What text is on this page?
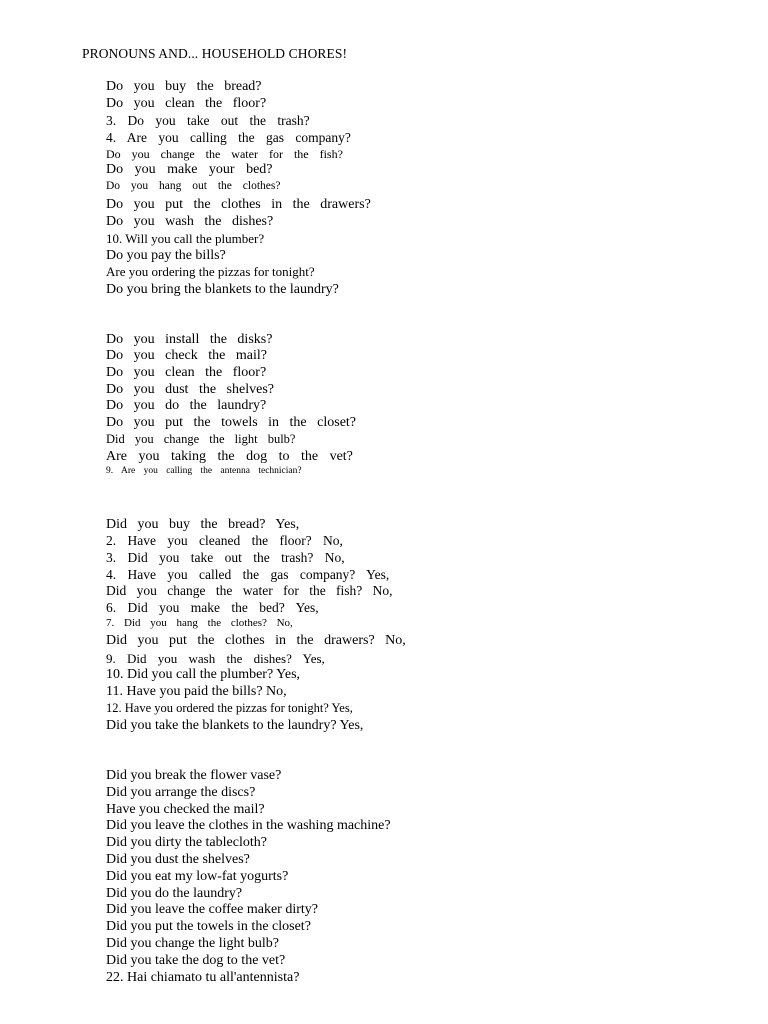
PRONOUNS AND... HOUSEHOLD CHORES!
Do you buy the bread?
Do you clean the floor?
3. Do you take out the trash?
4. Are you calling the gas company?
Do you change the water for the fish?
Do you make your bed?
Do you hang out the clothes?
Do you put the clothes in the drawers?
Do you wash the dishes?
10. Will you call the plumber?
Do you pay the bills?
Are you ordering the pizzas for tonight?
Do you bring the blankets to the laundry?
Do you install the disks?
Do you check the mail?
Do you clean the floor?
Do you dust the shelves?
Do you do the laundry?
Do you put the towels in the closet?
Did you change the light bulb?
Are you taking the dog to the vet?
9. Are you calling the antenna technician?
Did you buy the bread? Yes,
2. Have you cleaned the floor? No,
3. Did you take out the trash? No,
4. Have you called the gas company? Yes,
Did you change the water for the fish? No,
6. Did you make the bed? Yes,
7. Did you hang the clothes? No,
Did you put the clothes in the drawers? No,
9. Did you wash the dishes? Yes,
10. Did you call the plumber? Yes,
11. Have you paid the bills? No,
12. Have you ordered the pizzas for tonight? Yes,
Did you take the blankets to the laundry? Yes,
Did you break the flower vase?
Did you arrange the discs?
Have you checked the mail?
Did you leave the clothes in the washing machine?
Did you dirty the tablecloth?
Did you dust the shelves?
Did you eat my low-fat yogurts?
Did you do the laundry?
Did you leave the coffee maker dirty?
Did you put the towels in the closet?
Did you change the light bulb?
Did you take the dog to the vet?
22. Hai chiamato tu all'antennista?
